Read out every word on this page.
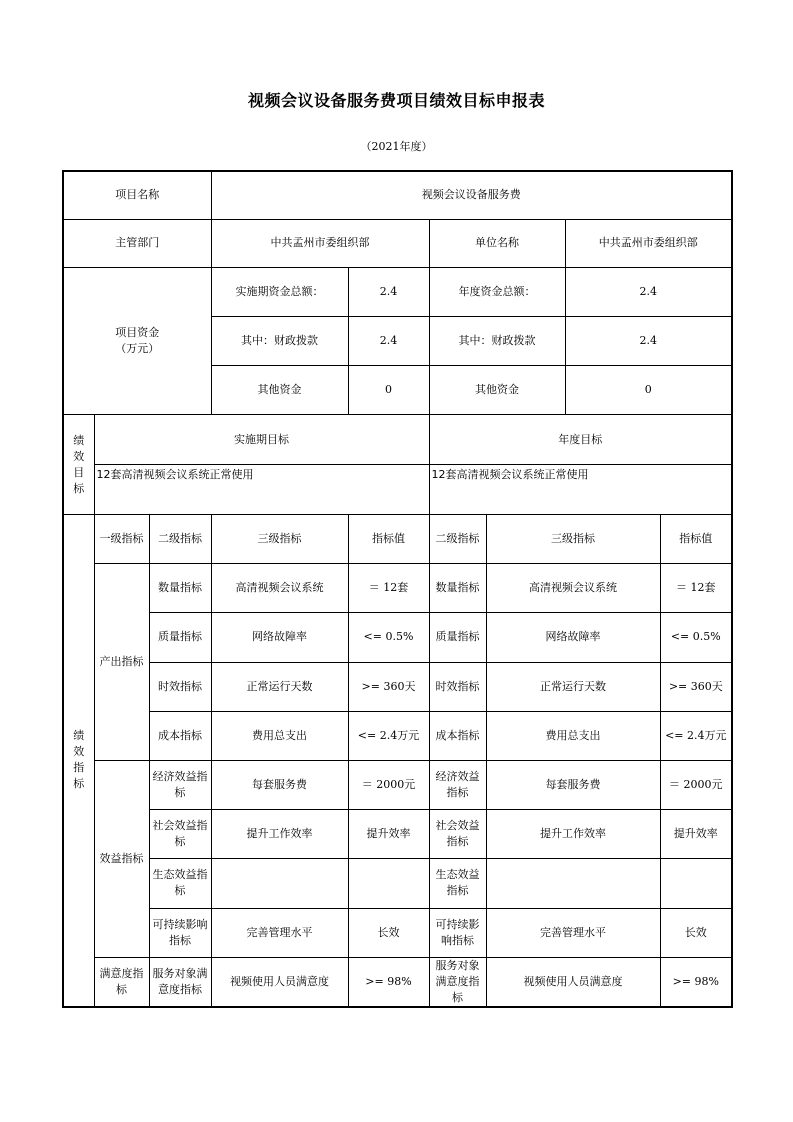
视频会议设备服务费项目绩效目标申报表
（2021年度）
项目名称			视频会议设备服务费					
主管部门			中共孟州市委组织部		单位名称		中共孟州市委组织部	

项目资金
（万元）			实施期资金总额：	2.4	年度资金总额：		2.4	
			其中：财政拨款	2.4	其中：财政拨款		2.4	
			其他资金	0	其他资金		0	

绩
效
目
标	实施期目标				年度目标			
	12套高清视频会议系统正常使用				12套高清视频会议系统正常使用			

绩
效
指
标	一级指标	二级指标	三级指标	指标值	二级指标	三级指标		指标值
	产出指标	数量指标	高清视频会议系统	＝ 12套	数量指标	高清视频会议系统		＝ 12套
		质量指标	网络故障率	<= 0.5%	质量指标	网络故障率		<= 0.5%
		时效指标	正常运行天数	>= 360天	时效指标	正常运行天数		>= 360天
		成本指标	费用总支出	<= 2.4万元	成本指标	费用总支出		<= 2.4万元
	效益指标	经济效益指标	每套服务费	＝ 2000元	经济效益指标	每套服务费		＝ 2000元
		社会效益指标	提升工作效率	提升效率	社会效益指标	提升工作效率		提升效率
		生态效益指标			生态效益指标			
		可持续影响指标	完善管理水平	长效	可持续影响指标	完善管理水平		长效
	满意度指标	服务对象满意度指标	视频使用人员满意度	>= 98%	服务对象满意度指标	视频使用人员满意度		>= 98%
